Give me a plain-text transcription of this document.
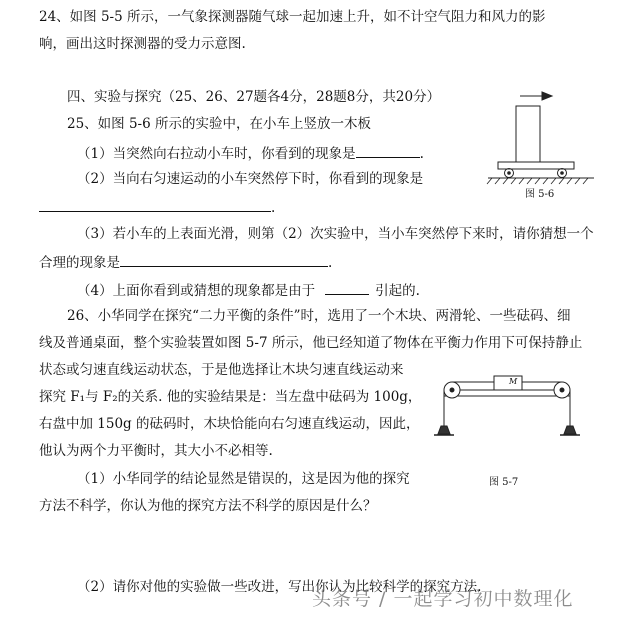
24、如图 5-5 所示，一气象探测器随气球一起加速上升，如不计空气阻力和风力的影
响，画出这时探测器的受力示意图.
四、实验与探究（25、26、27题各4分，28题8分，共20分）
25、如图 5-6 所示的实验中，在小车上竖放一木板
（1）当突然向右拉动小车时，你看到的现象是	.
（2）当向右匀速运动的小车突然停下时，你看到的现象是
.
（3）若小车的上表面光滑，则第（2）次实验中，当小车突然停下来时，请你猜想一个
合理的现象是	.
（4）上面你看到或猜想的现象都是由于	引起的.
图 5-6
26、小华同学在探究“二力平衡的条件”时，选用了一个木块、两滑轮、一些砝码、细
线及普通桌面，整个实验装置如图 5-7 所示，他已经知道了物体在平衡力作用下可保持静止
状态或匀速直线运动状态，于是他选择让木块匀速直线运动来
探究 F₁与 F₂的关系. 他的实验结果是：当左盘中砝码为 100g，
右盘中加 150g 的砝码时，木块恰能向右匀速直线运动，因此，
他认为两个力平衡时，其大小不必相等.
（1）小华同学的结论显然是错误的，这是因为他的探究
方法不科学，你认为他的探究方法不科学的原因是什么？
（2）请你对他的实验做一些改进，写出你认为比较科学的探究方法.
M
图 5-7
头条号 / 一起学习初中数理化
